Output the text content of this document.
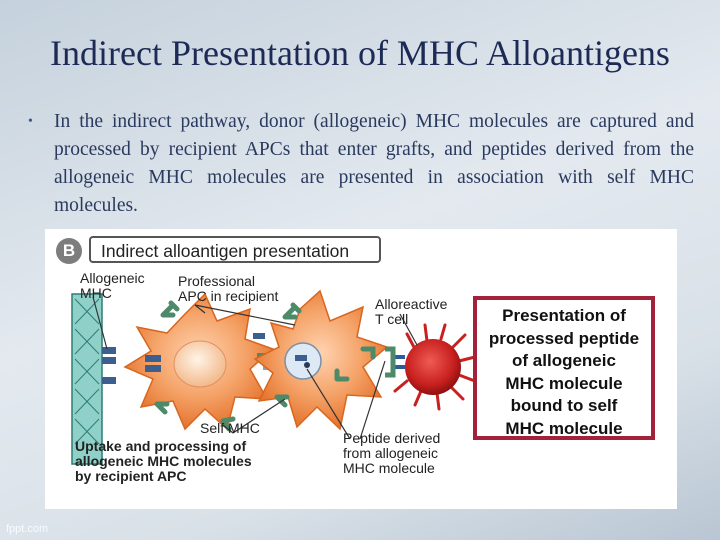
Indirect Presentation of MHC Alloantigens
• In the indirect pathway, donor (allogeneic) MHC molecules are captured and processed by recipient APCs that enter grafts, and peptides derived from the allogeneic MHC molecules are presented in association with self MHC molecules.
B	Indirect alloantigen presentation
Allogeneic
MHC
Professional
APC in recipient	Alloreactive
T cell
Self MHC
Uptake and processing of
allogeneic MHC molecules
by recipient APC
Peptide derived
from allogeneic
MHC molecule
Presentation of
processed peptide
of allogeneic
MHC molecule
bound to self
MHC molecule
fppt.com
